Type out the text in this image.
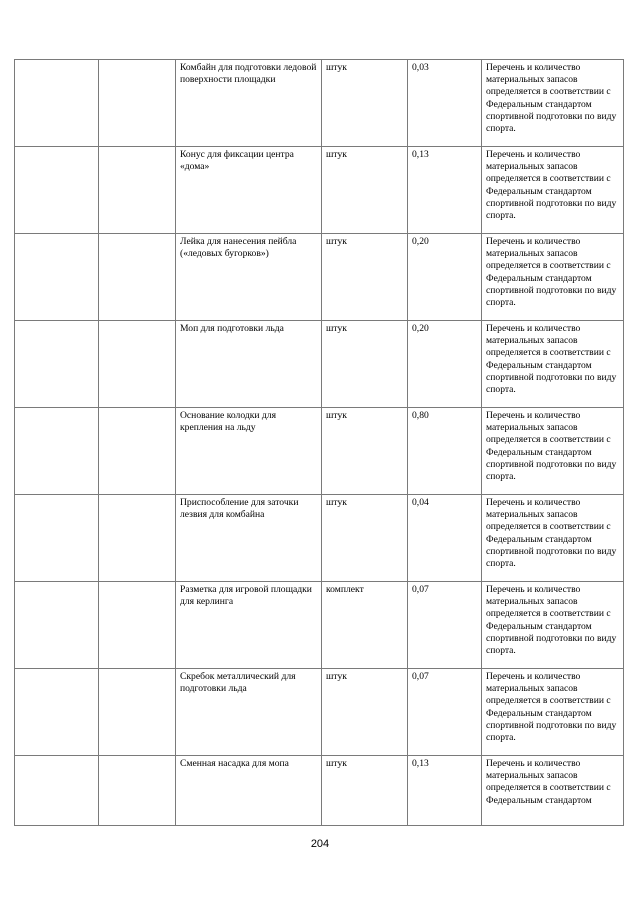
		Комбайн для подготовки ледовой поверхности площадки	штук	0,03	Перечень и количество материальных запасов определяется в соответствии с Федеральным стандартом спортивной подготовки по виду спорта.
		Конус для фиксации центра «дома»	штук	0,13	Перечень и количество материальных запасов определяется в соответствии с Федеральным стандартом спортивной подготовки по виду спорта.
		Лейка для нанесения пейбла («ледовых бугорков»)	штук	0,20	Перечень и количество материальных запасов определяется в соответствии с Федеральным стандартом спортивной подготовки по виду спорта.
		Моп для подготовки льда	штук	0,20	Перечень и количество материальных запасов определяется в соответствии с Федеральным стандартом спортивной подготовки по виду спорта.
		Основание колодки для крепления на льду	штук	0,80	Перечень и количество материальных запасов определяется в соответствии с Федеральным стандартом спортивной подготовки по виду спорта.
		Приспособление для заточки лезвия для комбайна	штук	0,04	Перечень и количество материальных запасов определяется в соответствии с Федеральным стандартом спортивной подготовки по виду спорта.
		Разметка для игровой площадки для керлинга	комплект	0,07	Перечень и количество материальных запасов определяется в соответствии с Федеральным стандартом спортивной подготовки по виду спорта.
		Скребок металлический для подготовки льда	штук	0,07	Перечень и количество материальных запасов определяется в соответствии с Федеральным стандартом спортивной подготовки по виду спорта.
		Сменная насадка для мопа	штук	0,13	Перечень и количество материальных запасов определяется в соответствии с Федеральным стандартом
204
